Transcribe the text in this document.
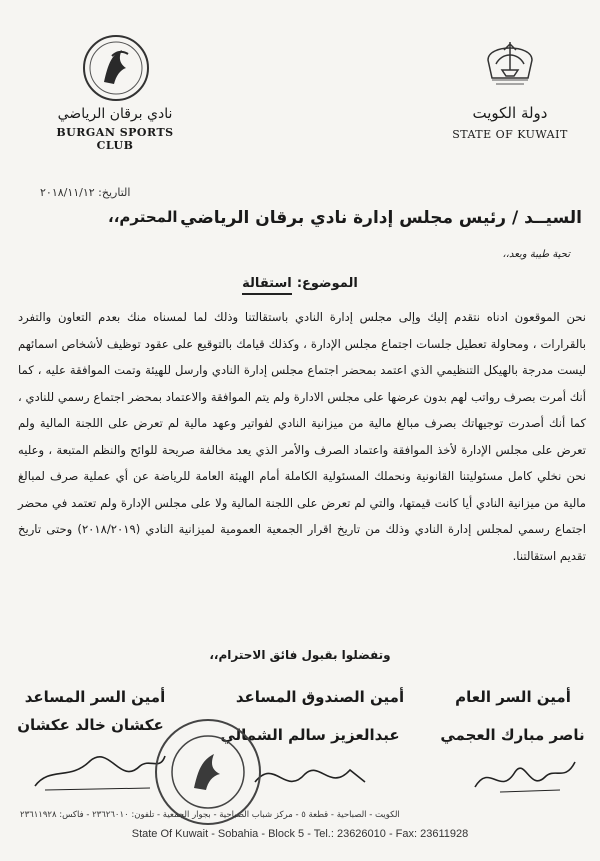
نادي برقان الرياضي
BURGAN SPORTS CLUB
دولة الكويت
STATE OF KUWAIT
التاريخ: ٢٠١٨/١١/١٢
السيــد / رئيس مجلس إدارة نادي برقان الرياضي
المحترم،،
تحية طيبة وبعد،،
الموضوع: استقالة

نحن الموقعون ادناه نتقدم إليك وإلى مجلس إدارة النادي باستقالتنا وذلك لما لمسناه منك بعدم التعاون والتفرد بالقرارات ، ومحاولة تعطيل جلسات اجتماع مجلس الإدارة ، وكذلك قيامك بالتوقيع على عقود توظيف لأشخاص اسمائهم ليست مدرجة بالهيكل التنظيمي الذي اعتمد بمحضر اجتماع مجلس إدارة النادي وارسل للهيئة وتمت الموافقة عليه ، كما أنك أمرت بصرف رواتب لهم بدون عرضها على مجلس الادارة ولم يتم الموافقة والاعتماد بمحضر اجتماع رسمي للنادي ، كما أنك أصدرت توجيهاتك بصرف مبالغ مالية من ميزانية النادي لفواتير وعهد مالية لم تعرض على اللجنة المالية ولم تعرض على مجلس الإدارة لأخذ الموافقة واعتماد الصرف والأمر الذي يعد مخالفة صريحة للوائح والنظم المتبعة ، وعليه نحن نخلي كامل مسئوليتنا القانونية ونحملك المسئولية الكاملة أمام الهيئة العامة للرياضة عن أي عملية صرف لمبالغ مالية من ميزانية النادي أيا كانت قيمتها، والتي لم تعرض على اللجنة المالية ولا على مجلس الإدارة ولم تعتمد في محضر اجتماع رسمي لمجلس إدارة النادي وذلك من تاريخ اقرار الجمعية العمومية لميزانية النادي (٢٠١٨/٢٠١٩) وحتى تاريخ تقديم استقالتنا.

وتفضلوا بقبول فائق الاحترام،،
أمين السر العام
ناصر مبارك العجمي
أمين الصندوق المساعد
عبدالعزيز سالم الشمالي
أمين السر المساعد
عكشان خالد عكشان
الكويت - الصباحية - قطعة ٥ - مركز شباب الصباحية - بجوار الجمعية - تلفون: ٢٣٦٢٦٠١٠ - فاكس: ٢٣٦١١٩٢٨
State Of Kuwait - Sobahia - Block 5 - Tel.: 23626010 - Fax: 23611928
